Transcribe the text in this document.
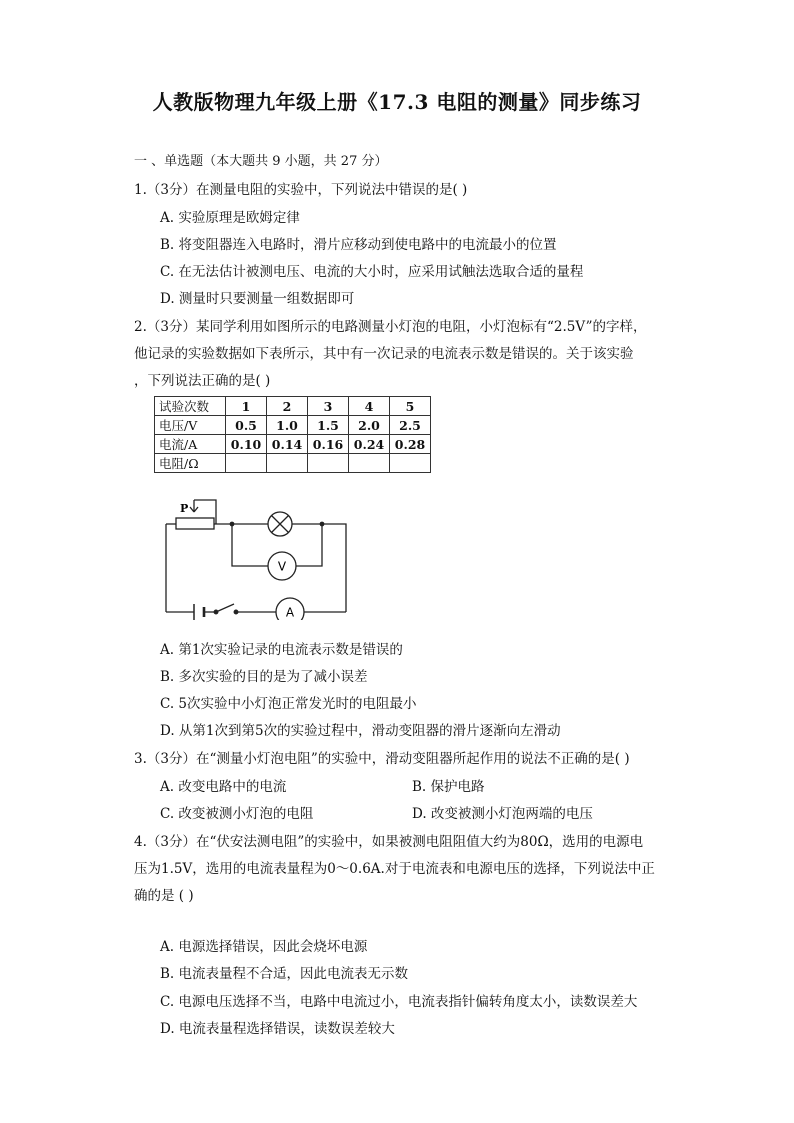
人教版物理九年级上册《17.3 电阻的测量》同步练习
一 、单选题（本大题共 9 小题，共 27 分）
1.（3分）在测量电阻的实验中，下列说法中错误的是( )
A. 实验原理是欧姆定律
B. 将变阻器连入电路时，滑片应移动到使电路中的电流最小的位置
C. 在无法估计被测电压、电流的大小时，应采用试触法选取合适的量程
D. 测量时只要测量一组数据即可
2.（3分）某同学利用如图所示的电路测量小灯泡的电阻，小灯泡标有“2.5V”的字样，
他记录的实验数据如下表所示，其中有一次记录的电流表示数是错误的。关于该实验
，下列说法正确的是( )
试验次数	1	2	3	4	5
电压/V	0.5	1.0	1.5	2.0	2.5
电流/A	0.10	0.14	0.16	0.24	0.28
电阻/Ω					
P
V
A
A. 第1次实验记录的电流表示数是错误的
B. 多次实验的目的是为了减小误差
C. 5次实验中小灯泡正常发光时的电阻最小
D. 从第1次到第5次的实验过程中，滑动变阻器的滑片逐渐向左滑动
3.（3分）在“测量小灯泡电阻”的实验中，滑动变阻器所起作用的说法不正确的是( )
A. 改变电路中的电流	B. 保护电路
C. 改变被测小灯泡的电阻	D. 改变被测小灯泡两端的电压
4.（3分）在“伏安法测电阻”的实验中，如果被测电阻阻值大约为80Ω，选用的电源电
压为1.5V，选用的电流表量程为0～0.6A.对于电流表和电源电压的选择，下列说法中正
确的是 ( )
A. 电源选择错误，因此会烧坏电源
B. 电流表量程不合适，因此电流表无示数
C. 电源电压选择不当，电路中电流过小，电流表指针偏转角度太小，读数误差大
D. 电流表量程选择错误，读数误差较大
